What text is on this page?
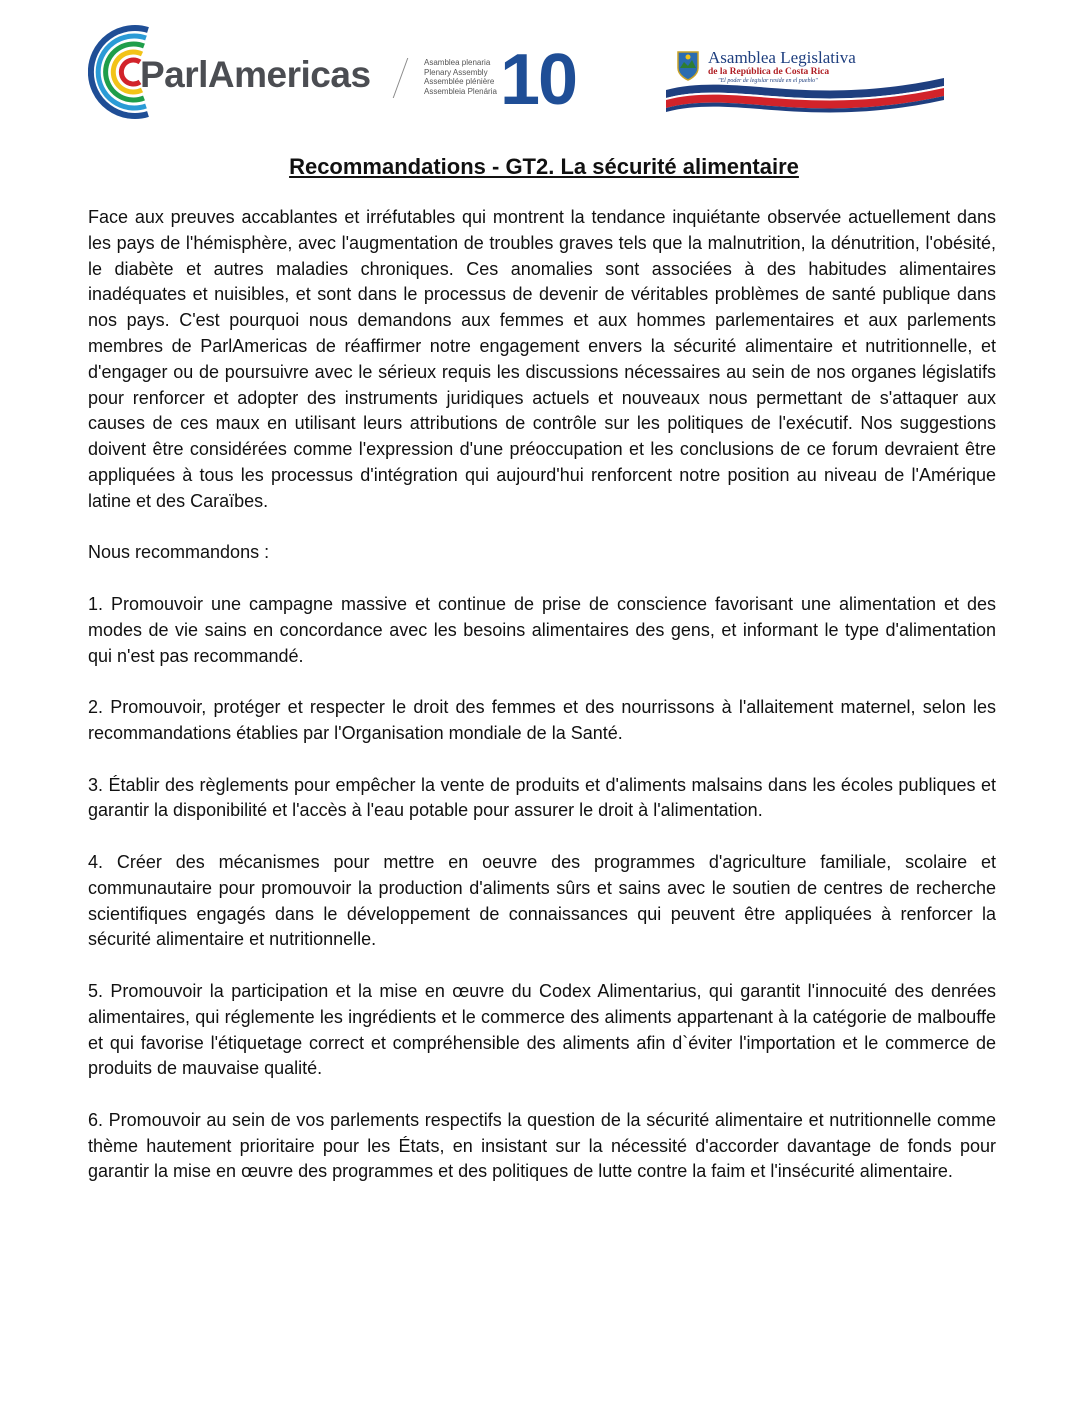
ParlAmericas	Asamblea plenaria
Plenary Assembly
Assemblée plénière
Assembleia Plenária 10	Asamblea Legislativa
de la República de Costa Rica
"El poder de legislar reside en el pueblo"
Recommandations - GT2. La sécurité alimentaire

Face aux preuves accablantes et irréfutables qui montrent la tendance inquiétante observée actuellement dans les pays de l'hémisphère, avec l'augmentation de troubles graves tels que la malnutrition, la dénutrition, l'obésité, le diabète et autres maladies chroniques. Ces anomalies sont associées à des habitudes alimentaires inadéquates et nuisibles, et sont dans le processus de devenir de véritables problèmes de santé publique dans nos pays. C'est pourquoi nous demandons aux femmes et aux hommes parlementaires et aux parlements membres de ParlAmericas de réaffirmer notre engagement envers la sécurité alimentaire et nutritionnelle, et d'engager ou de poursuivre avec le sérieux requis les discussions nécessaires au sein de nos organes législatifs pour renforcer et adopter des instruments juridiques actuels et nouveaux nous permettant de s'attaquer aux causes de ces maux en utilisant leurs attributions de contrôle sur les politiques de l'exécutif. Nos suggestions doivent être considérées comme l'expression d'une préoccupation et les conclusions de ce forum devraient être appliquées à tous les processus d'intégration qui aujourd'hui renforcent notre position au niveau de l'Amérique latine et des Caraïbes.

Nous recommandons :

1. Promouvoir une campagne massive et continue de prise de conscience favorisant une alimentation et des modes de vie sains en concordance avec les besoins alimentaires des gens, et informant le type d'alimentation qui n'est pas recommandé.

2. Promouvoir, protéger et respecter le droit des femmes et des nourrissons à l'allaitement maternel, selon les recommandations établies par l'Organisation mondiale de la Santé.

3. Établir des règlements pour empêcher la vente de produits et d'aliments malsains dans les écoles publiques et garantir la disponibilité et l'accès à l'eau potable pour assurer le droit à l'alimentation.

4. Créer des mécanismes pour mettre en oeuvre des programmes d'agriculture familiale, scolaire et communautaire pour promouvoir la production d'aliments sûrs et sains avec le soutien de centres de recherche scientifiques engagés dans le développement de connaissances qui peuvent être appliquées à renforcer la sécurité alimentaire et nutritionnelle.

5. Promouvoir la participation et la mise en œuvre du Codex Alimentarius, qui garantit l'innocuité des denrées alimentaires, qui réglemente les ingrédients et le commerce des aliments appartenant à la catégorie de malbouffe et qui favorise l'étiquetage correct et compréhensible des aliments afin d`éviter l'importation et le commerce de produits de mauvaise qualité.

6. Promouvoir au sein de vos parlements respectifs la question de la sécurité alimentaire et nutritionnelle comme thème hautement prioritaire pour les États, en insistant sur la nécessité d'accorder davantage de fonds pour garantir la mise en œuvre des programmes et des politiques de lutte contre la faim et l'insécurité alimentaire.
